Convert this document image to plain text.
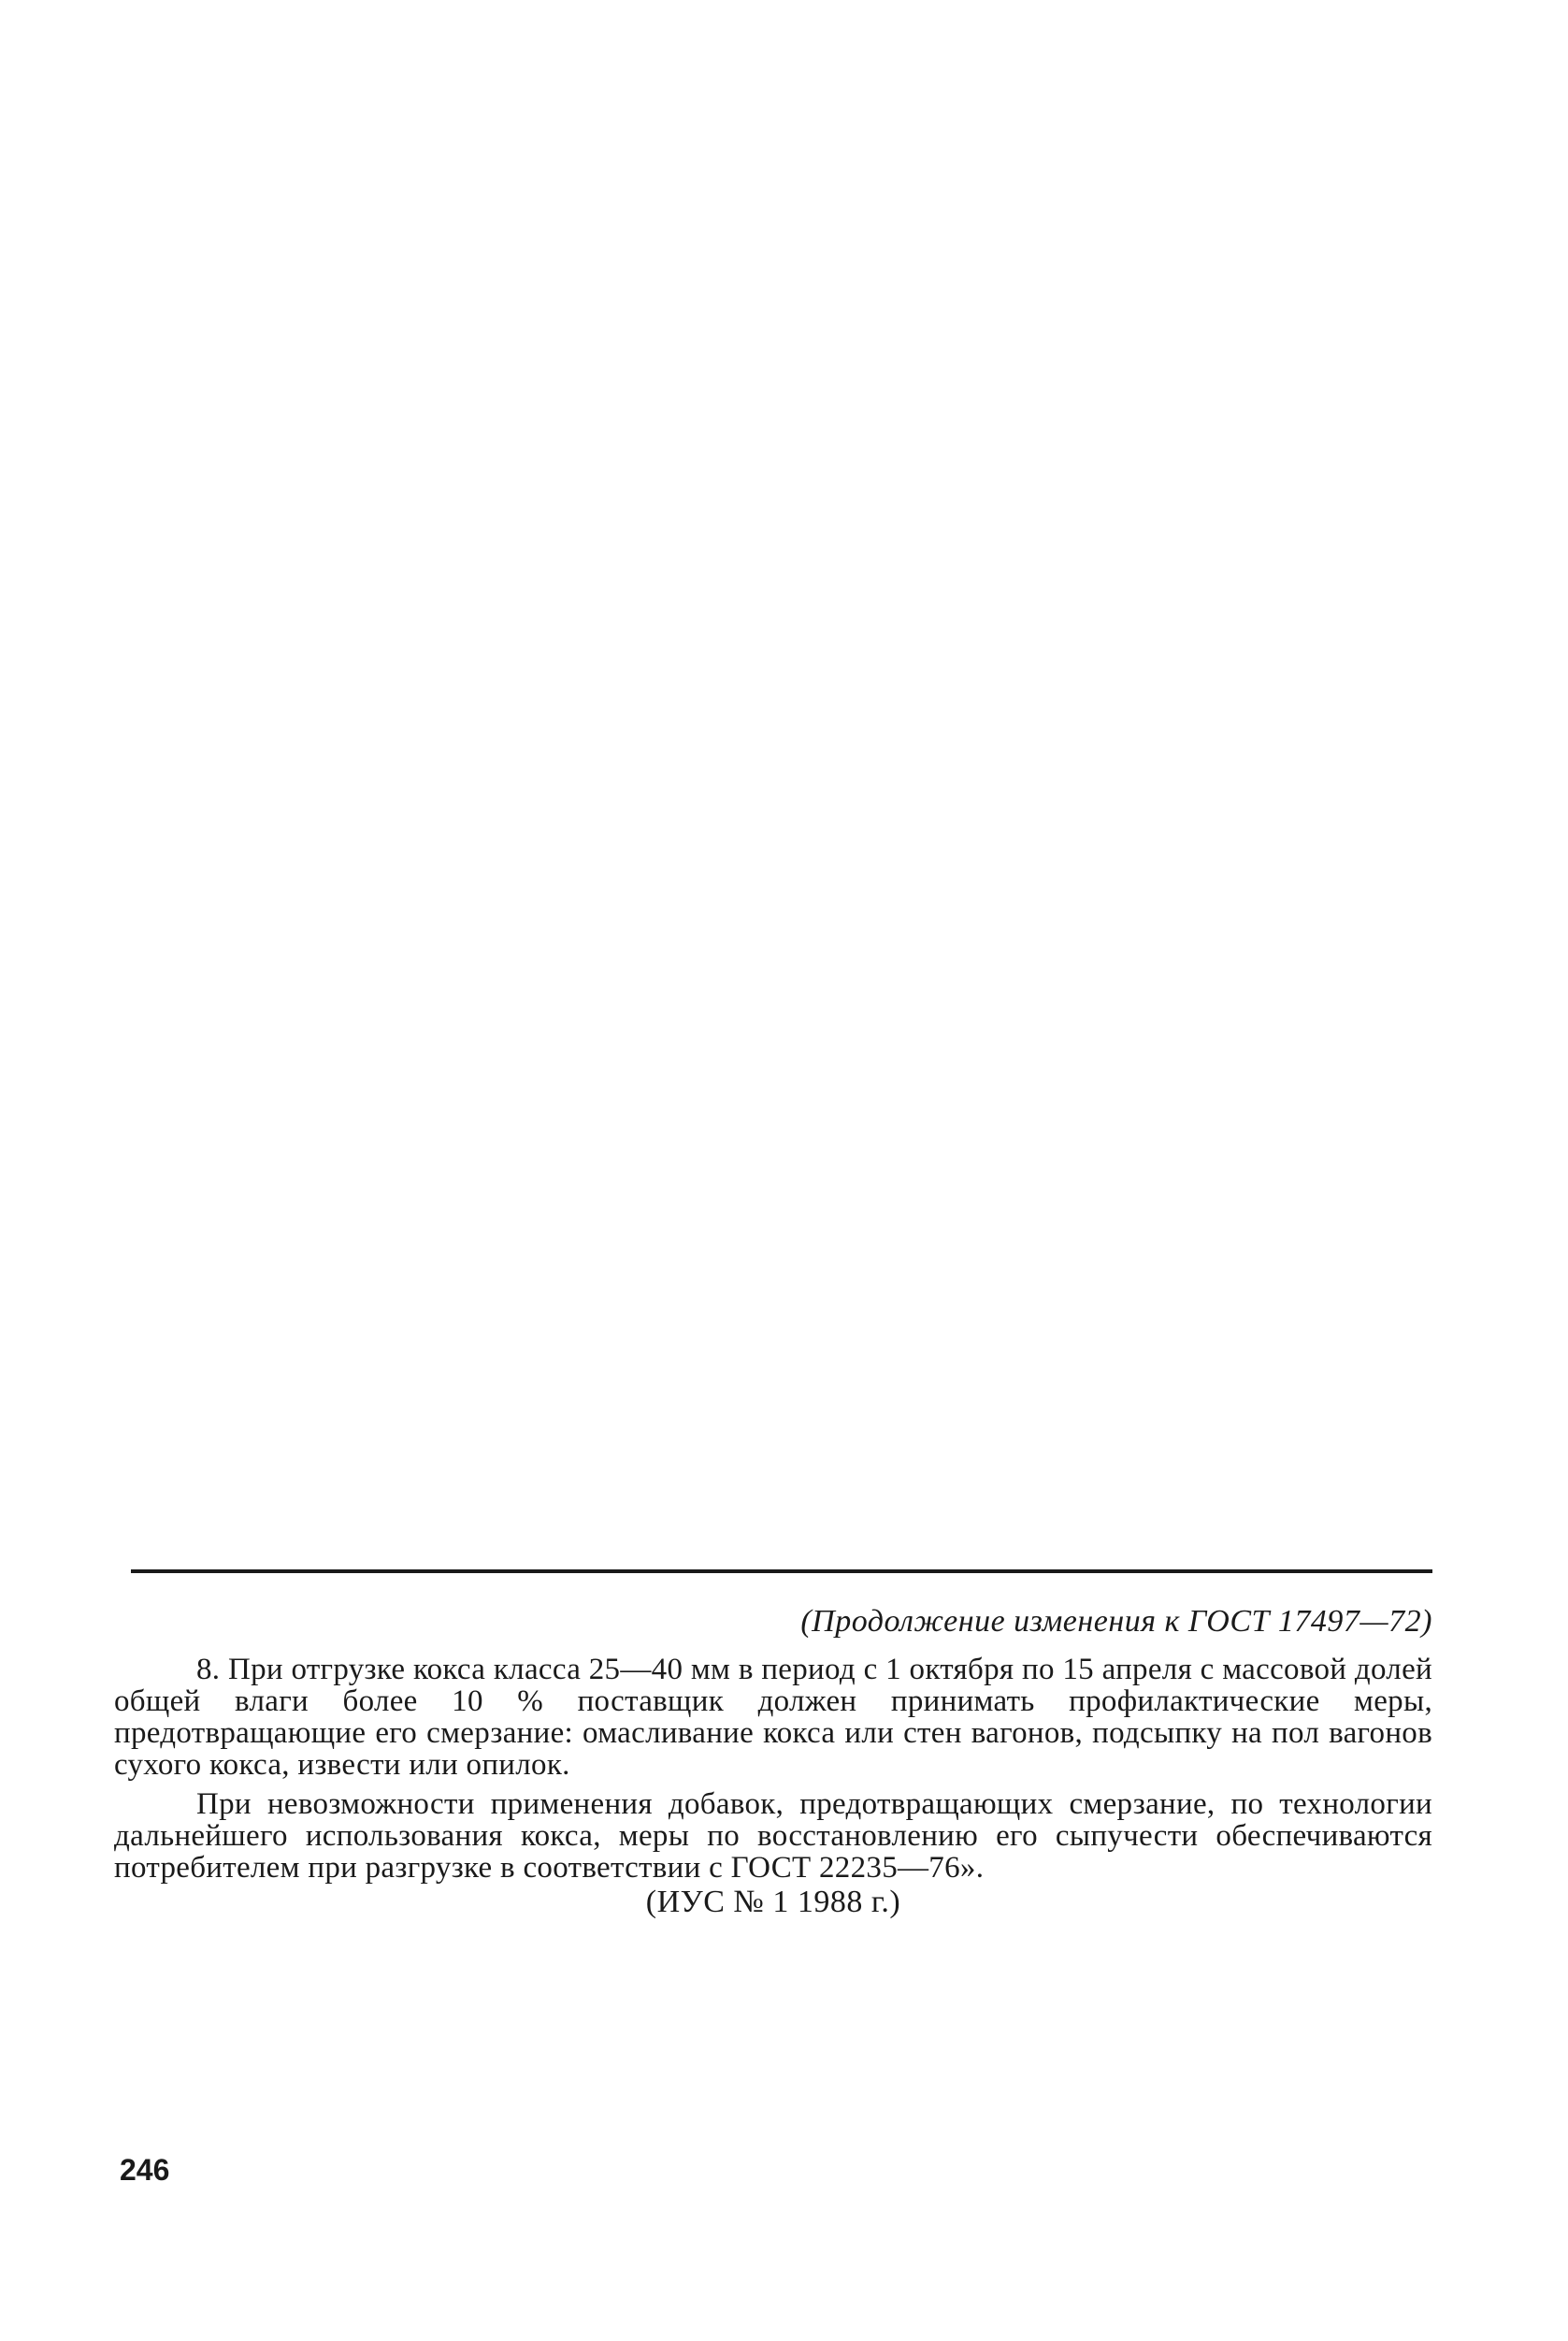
(Продолжение изменения к ГОСТ 17497—72)

8. При отгрузке кокса класса 25—40 мм в период с 1 октября по 15 апреля с массовой долей общей влаги более 10 % поставщик должен принимать профилактические меры, предотвращающие его смерзание: омасливание кокса или стен вагонов, подсыпку на пол вагонов сухого кокса, извести или опилок.

При невозможности применения добавок, предотвращающих смерзание, по технологии дальнейшего использования кокса, меры по восстановлению его сыпучести обеспечиваются потребителем при разгрузке в соответствии с ГОСТ 22235—76».

(ИУС № 1 1988 г.)
246
